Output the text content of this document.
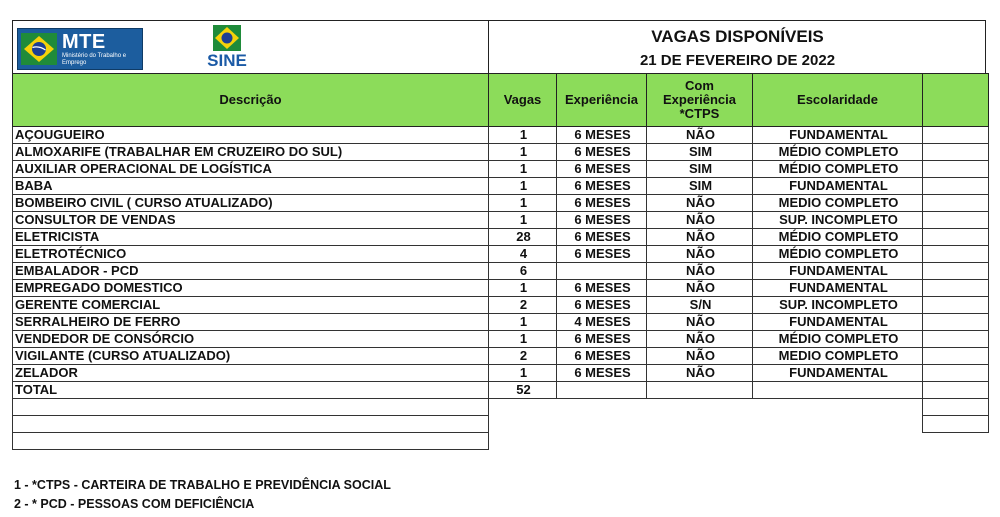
MTE
Ministério do Trabalho e Emprego	SINE
VAGAS DISPONÍVEIS
21 DE FEVEREIRO DE 2022
Descrição	Vagas	Experiência	Com Experiência *CTPS	Escolaridade	
AÇOUGUEIRO	1	6 MESES	NÃO	FUNDAMENTAL	
ALMOXARIFE (TRABALHAR EM CRUZEIRO DO SUL)	1	6 MESES	SIM	MÉDIO COMPLETO	
AUXILIAR OPERACIONAL DE LOGÍSTICA	1	6 MESES	SIM	MÉDIO COMPLETO	
BABA	1	6 MESES	SIM	FUNDAMENTAL	
BOMBEIRO CIVIL ( CURSO ATUALIZADO)	1	6 MESES	NÃO	MEDIO COMPLETO	
CONSULTOR DE VENDAS	1	6 MESES	NÃO	SUP. INCOMPLETO	
ELETRICISTA	28	6 MESES	NÃO	MÉDIO COMPLETO	
ELETROTÉCNICO	4	6 MESES	NÃO	MÉDIO COMPLETO	
EMBALADOR - PCD	6		NÃO	FUNDAMENTAL	
EMPREGADO DOMESTICO	1	6 MESES	NÃO	FUNDAMENTAL	
GERENTE COMERCIAL	2	6 MESES	S/N	SUP. INCOMPLETO	
SERRALHEIRO DE FERRO	1	4 MESES	NÃO	FUNDAMENTAL	
VENDEDOR DE CONSÓRCIO	1	6 MESES	NÃO	MÉDIO COMPLETO	
VIGILANTE (CURSO ATUALIZADO)	2	6 MESES	NÃO	MEDIO COMPLETO	
ZELADOR	1	6 MESES	NÃO	FUNDAMENTAL	
TOTAL	52				

1 - *CTPS - CARTEIRA DE TRABALHO E PREVIDÊNCIA SOCIAL
2 - * PCD - PESSOAS COM DEFICIÊNCIA
